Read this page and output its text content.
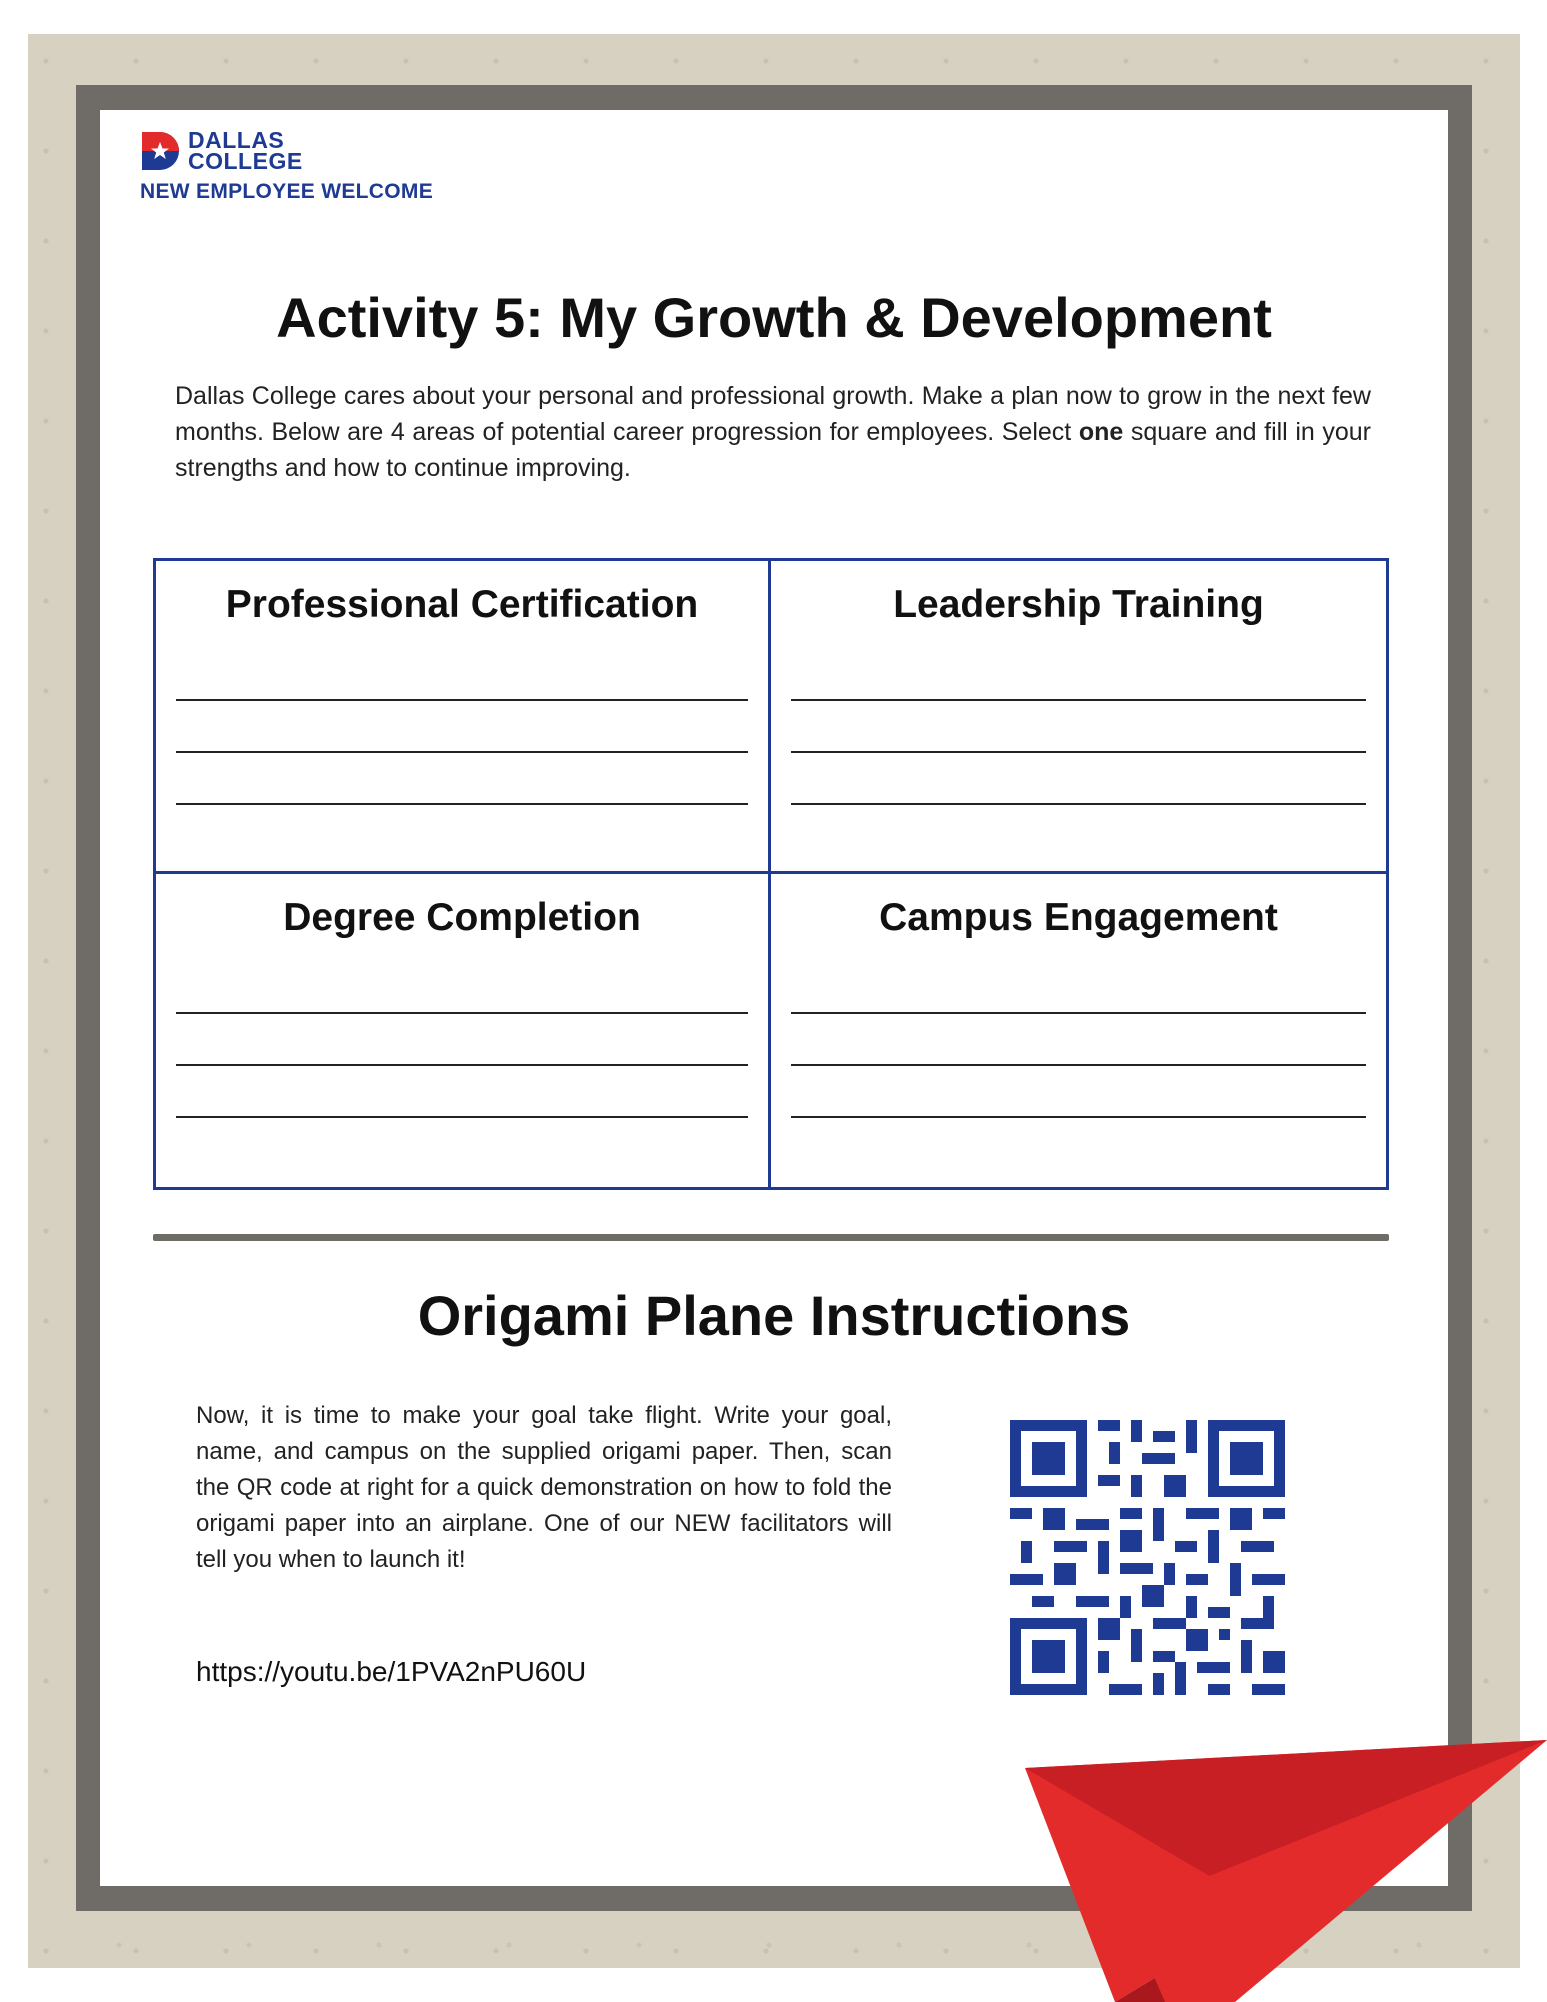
DALLAS
COLLEGE
NEW EMPLOYEE WELCOME
Activity 5: My Growth & Development

Dallas College cares about your personal and professional growth. Make a plan now to grow in the next few months. Below are 4 areas of potential career progression for employees. Select one square and fill in your strengths and how to continue improving.

Professional Certification	Leadership Training
Degree Completion	Campus Engagement
Origami Plane Instructions

Now, it is time to make your goal take flight. Write your goal, name, and campus on the supplied origami paper. Then, scan the QR code at right for a quick demonstration on how to fold the origami paper into an airplane. One of our NEW facilitators will tell you when to launch it!

https://youtu.be/1PVA2nPU60U
